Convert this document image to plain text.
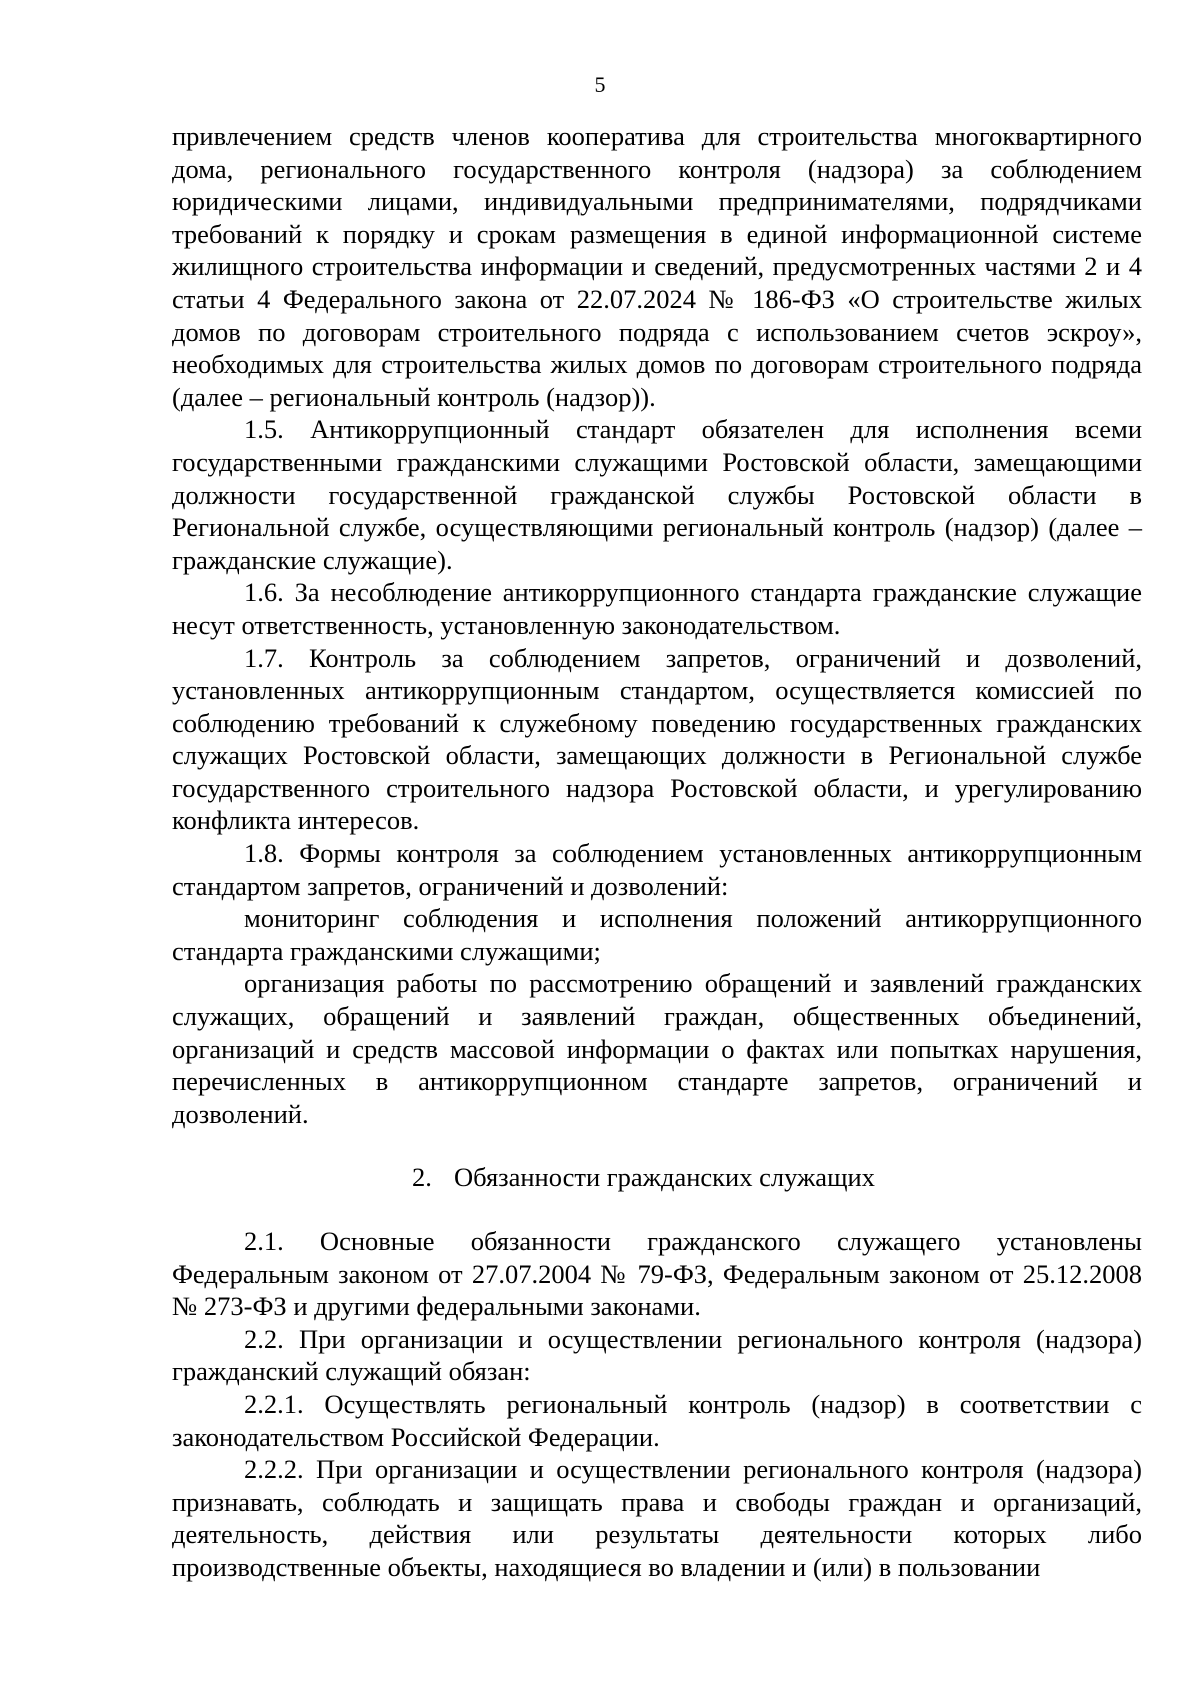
5

привлечением средств членов кооператива для строительства многоквартирного дома, регионального государственного контроля (надзора) за соблюдением юридическими лицами, индивидуальными предпринимателями, подрядчиками требований к порядку и срокам размещения в единой информационной системе жилищного строительства информации и сведений, предусмотренных частями 2 и 4 статьи 4 Федерального закона от 22.07.2024 № 186-ФЗ «О строительстве жилых домов по договорам строительного подряда с использованием счетов эскроу», необходимых для строительства жилых домов по договорам строительного подряда (далее – региональный контроль (надзор)).

1.5. Антикоррупционный стандарт обязателен для исполнения всеми государственными гражданскими служащими Ростовской области, замещающими должности государственной гражданской службы Ростовской области в Региональной службе, осуществляющими региональный контроль (надзор) (далее – гражданские служащие).

1.6. За несоблюдение антикоррупционного стандарта гражданские служащие несут ответственность, установленную законодательством.

1.7. Контроль за соблюдением запретов, ограничений и дозволений, установленных антикоррупционным стандартом, осуществляется комиссией по соблюдению требований к служебному поведению государственных гражданских служащих Ростовской области, замещающих должности в Региональной службе государственного строительного надзора Ростовской области, и урегулированию конфликта интересов.

1.8. Формы контроля за соблюдением установленных антикоррупционным стандартом запретов, ограничений и дозволений:

мониторинг соблюдения и исполнения положений антикоррупционного стандарта гражданскими служащими;

организация работы по рассмотрению обращений и заявлений гражданских служащих, обращений и заявлений граждан, общественных объединений, организаций и средств массовой информации о фактах или попытках нарушения, перечисленных в антикоррупционном стандарте запретов, ограничений и дозволений.

2. Обязанности гражданских служащих

2.1. Основные обязанности гражданского служащего установлены Федеральным законом от 27.07.2004 № 79-ФЗ, Федеральным законом от 25.12.2008 № 273-ФЗ и другими федеральными законами.

2.2. При организации и осуществлении регионального контроля (надзора) гражданский служащий обязан:

2.2.1. Осуществлять региональный контроль (надзор) в соответствии с законодательством Российской Федерации.

2.2.2. При организации и осуществлении регионального контроля (надзора) признавать, соблюдать и защищать права и свободы граждан и организаций, деятельность, действия или результаты деятельности которых либо производственные объекты, находящиеся во владении и (или) в пользовании
